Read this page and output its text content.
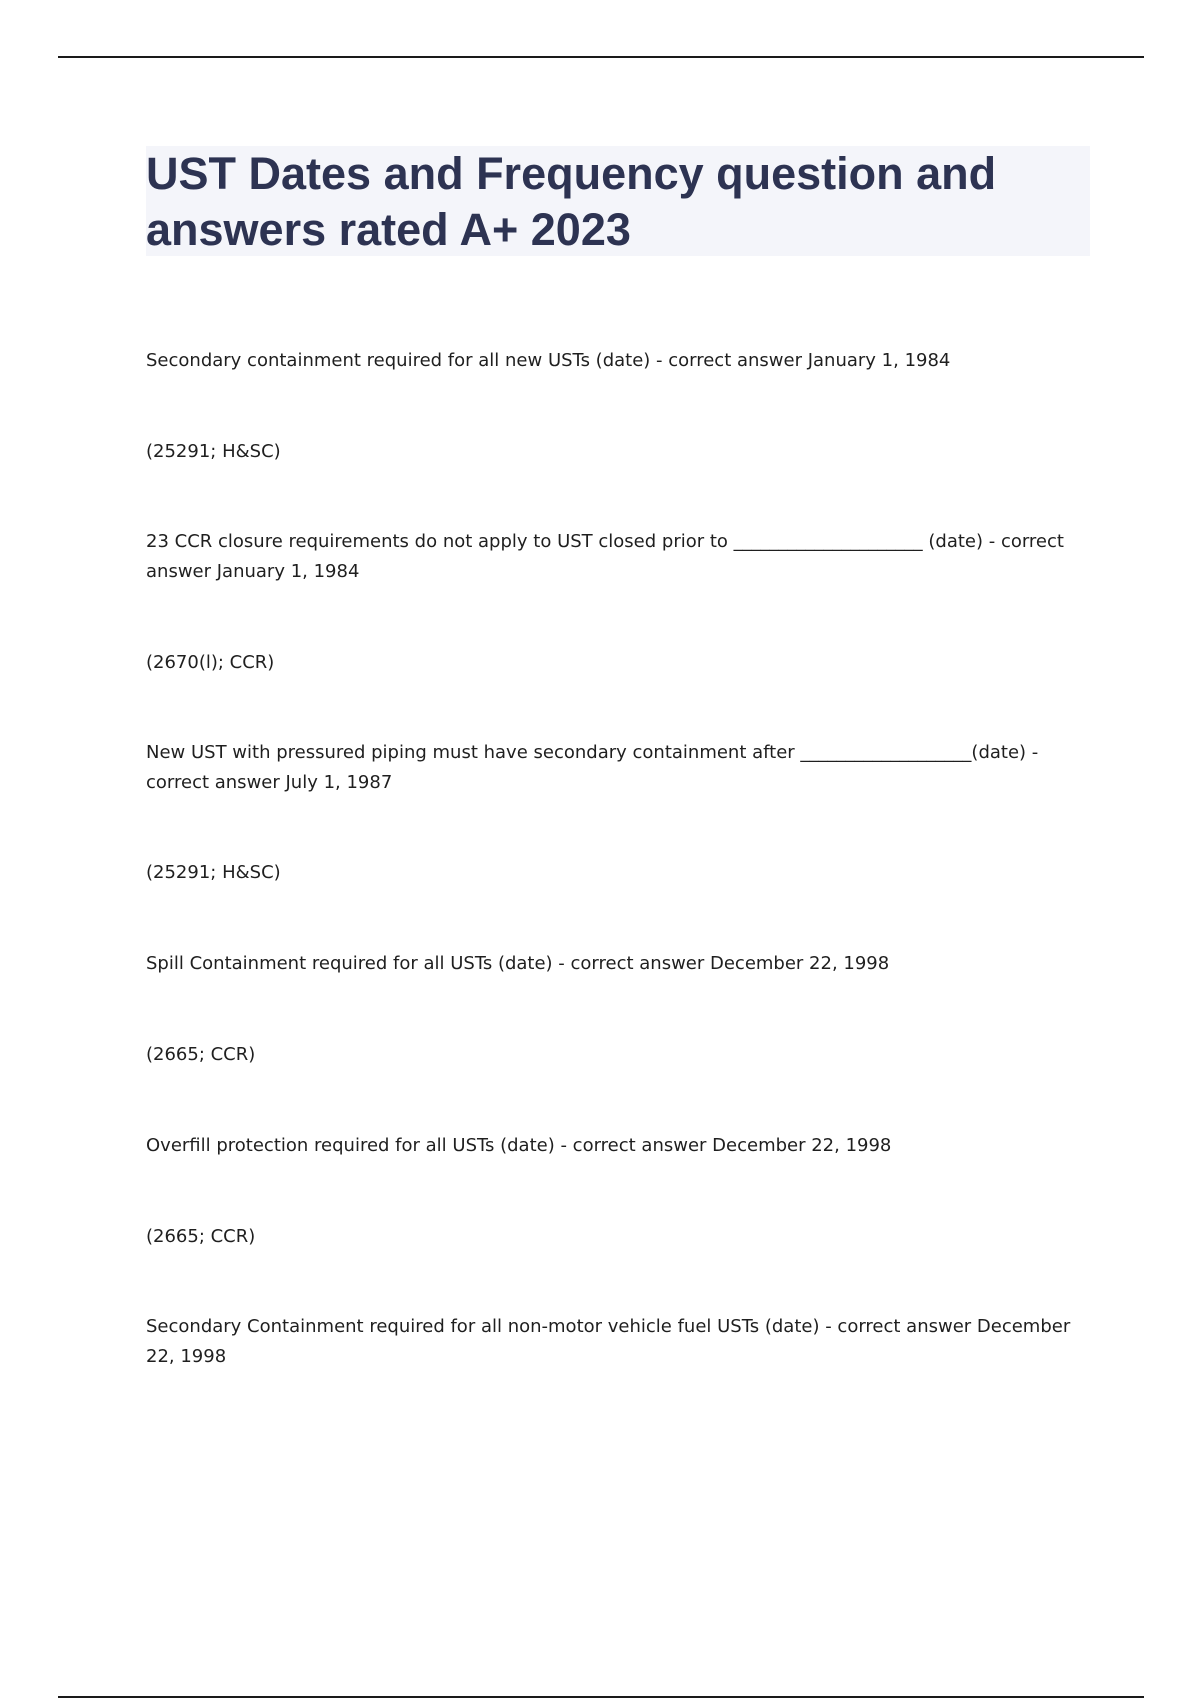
UST Dates and Frequency question and answers rated A+ 2023

Secondary containment required for all new USTs (date) - correct answer January 1, 1984

(25291; H&SC)

23 CCR closure requirements do not apply to UST closed prior to _____________________ (date) - correct answer January 1, 1984

(2670(l); CCR)

New UST with pressured piping must have secondary containment after ___________________(date) - correct answer July 1, 1987

(25291; H&SC)

Spill Containment required for all USTs (date) - correct answer December 22, 1998

(2665; CCR)

Overfill protection required for all USTs (date) - correct answer December 22, 1998

(2665; CCR)

Secondary Containment required for all non-motor vehicle fuel USTs (date) - correct answer December 22, 1998
